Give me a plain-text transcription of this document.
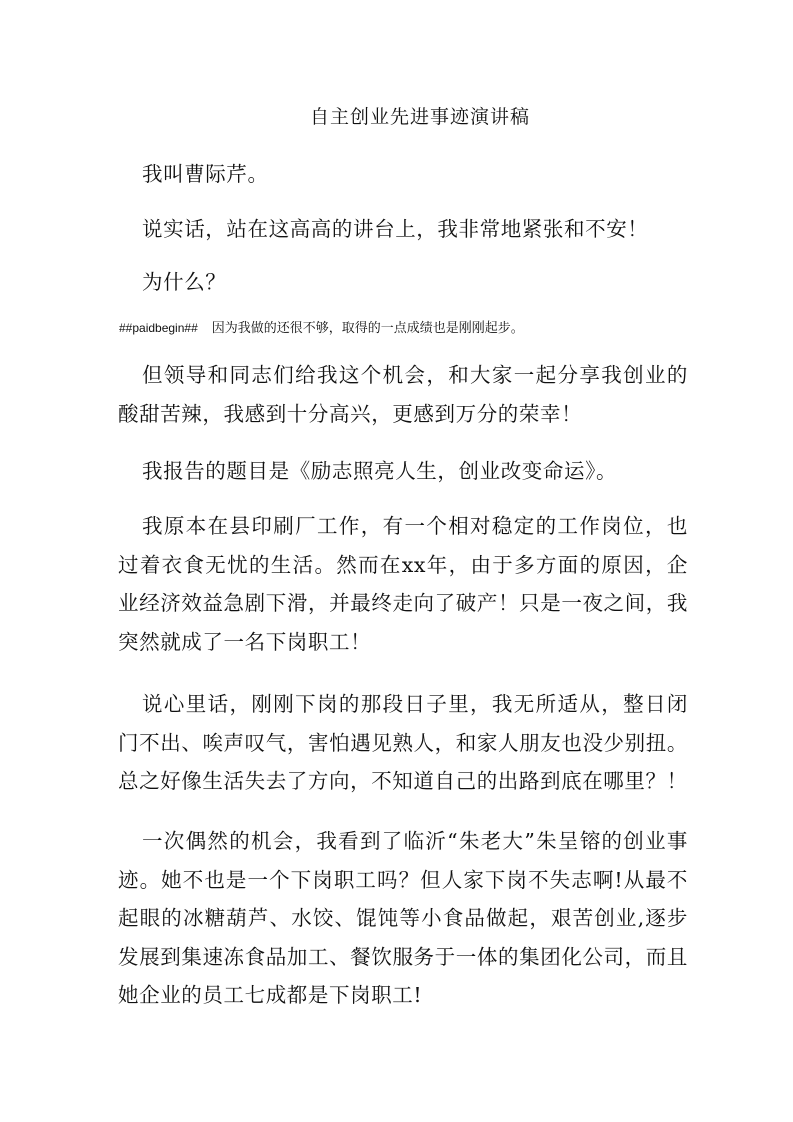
自主创业先进事迹演讲稿

我叫曹际芹。

说实话，站在这高高的讲台上，我非常地紧张和不安！

为什么？

##paidbegin## 因为我做的还很不够，取得的一点成绩也是刚刚起步。

但领导和同志们给我这个机会，和大家一起分享我创业的酸甜苦辣，我感到十分高兴，更感到万分的荣幸！

我报告的题目是《励志照亮人生，创业改变命运》。

我原本在县印刷厂工作，有一个相对稳定的工作岗位，也过着衣食无忧的生活。然而在xx年，由于多方面的原因，企业经济效益急剧下滑，并最终走向了破产！只是一夜之间，我突然就成了一名下岗职工！

说心里话，刚刚下岗的那段日子里，我无所适从，整日闭门不出、唉声叹气，害怕遇见熟人，和家人朋友也没少别扭。总之好像生活失去了方向，不知道自己的出路到底在哪里？！

一次偶然的机会，我看到了临沂“朱老大”朱呈镕的创业事迹。她不也是一个下岗职工吗？但人家下岗不失志啊!从最不起眼的冰糖葫芦、水饺、馄饨等小食品做起，艰苦创业,逐步发展到集速冻食品加工、餐饮服务于一体的集团化公司，而且她企业的员工七成都是下岗职工!
